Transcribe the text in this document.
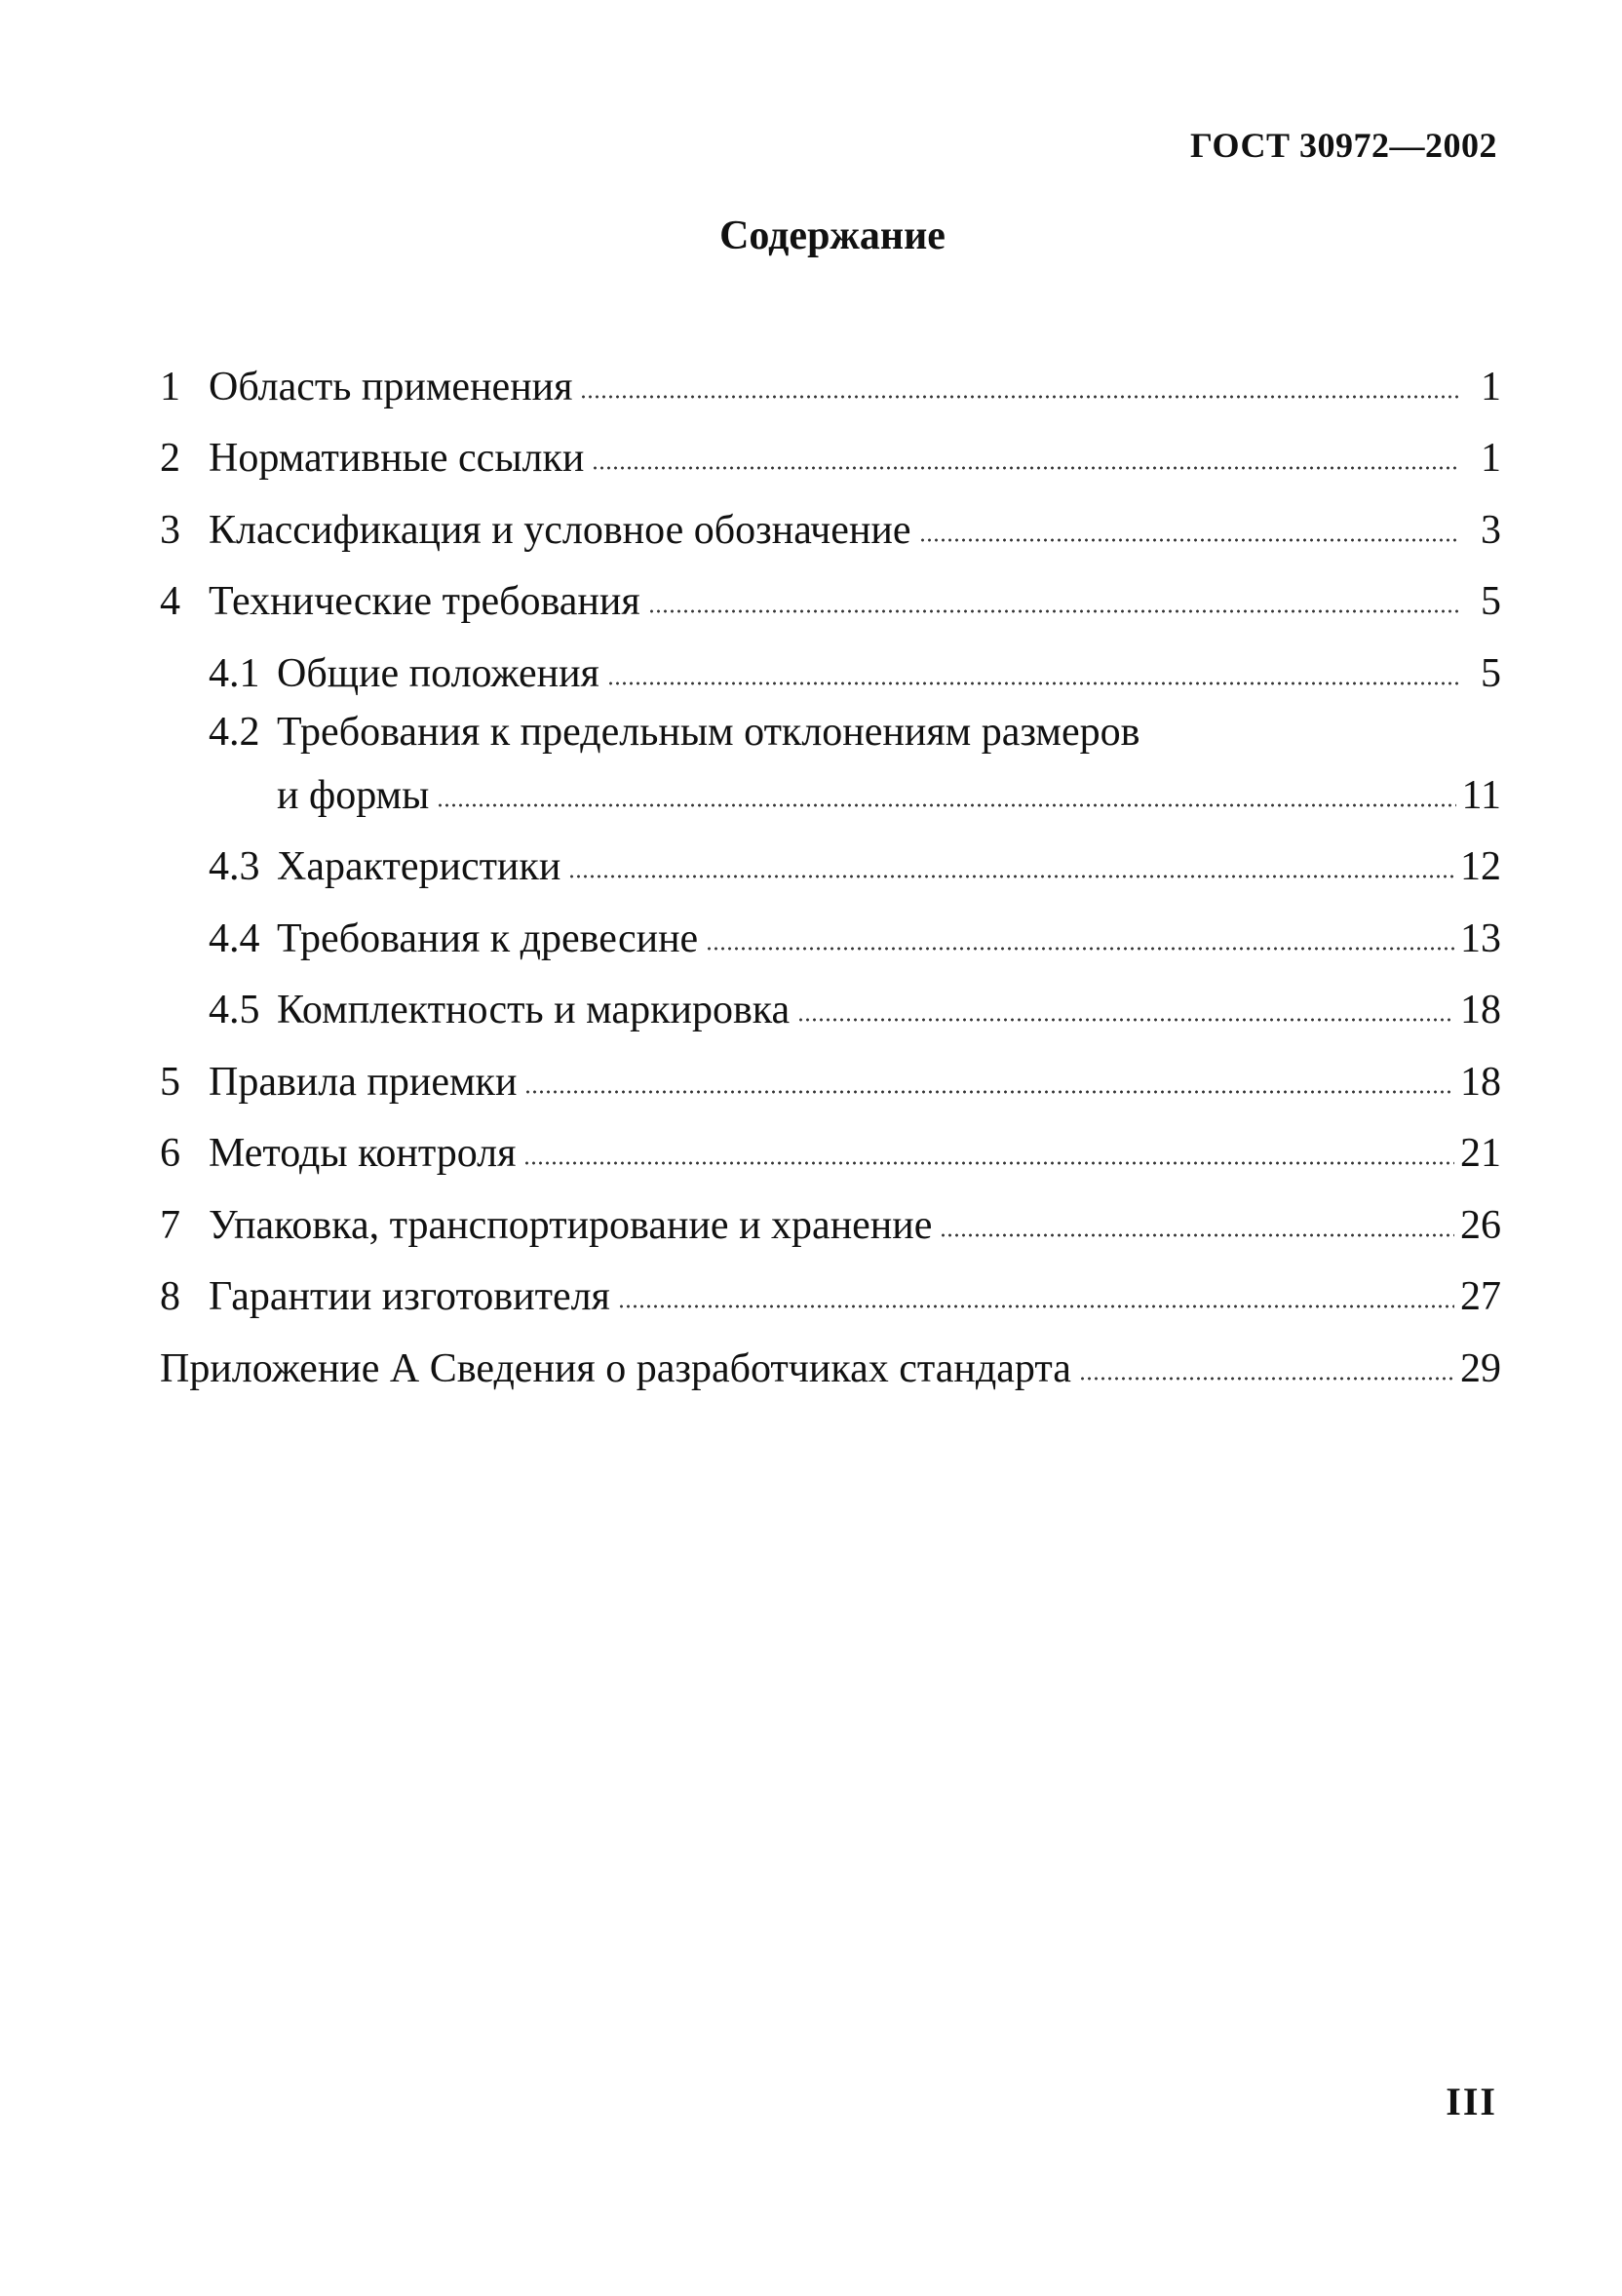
ГОСТ 30972—2002
Содержание
1 Область применения	1
2 Нормативные ссылки	1
3 Классификация и условное обозначение	3
4 Технические требования	5
4.1 Общие положения	5
4.2 Требования к предельным отклонениям размеров
и формы	11
4.3 Характеристики	12
4.4 Требования к древесине	13
4.5 Комплектность и маркировка	18
5 Правила приемки	18
6 Методы контроля	21
7 Упаковка, транспортирование и хранение	26
8 Гарантии изготовителя	27
Приложение А Сведения о разработчиках стандарта	29
III
